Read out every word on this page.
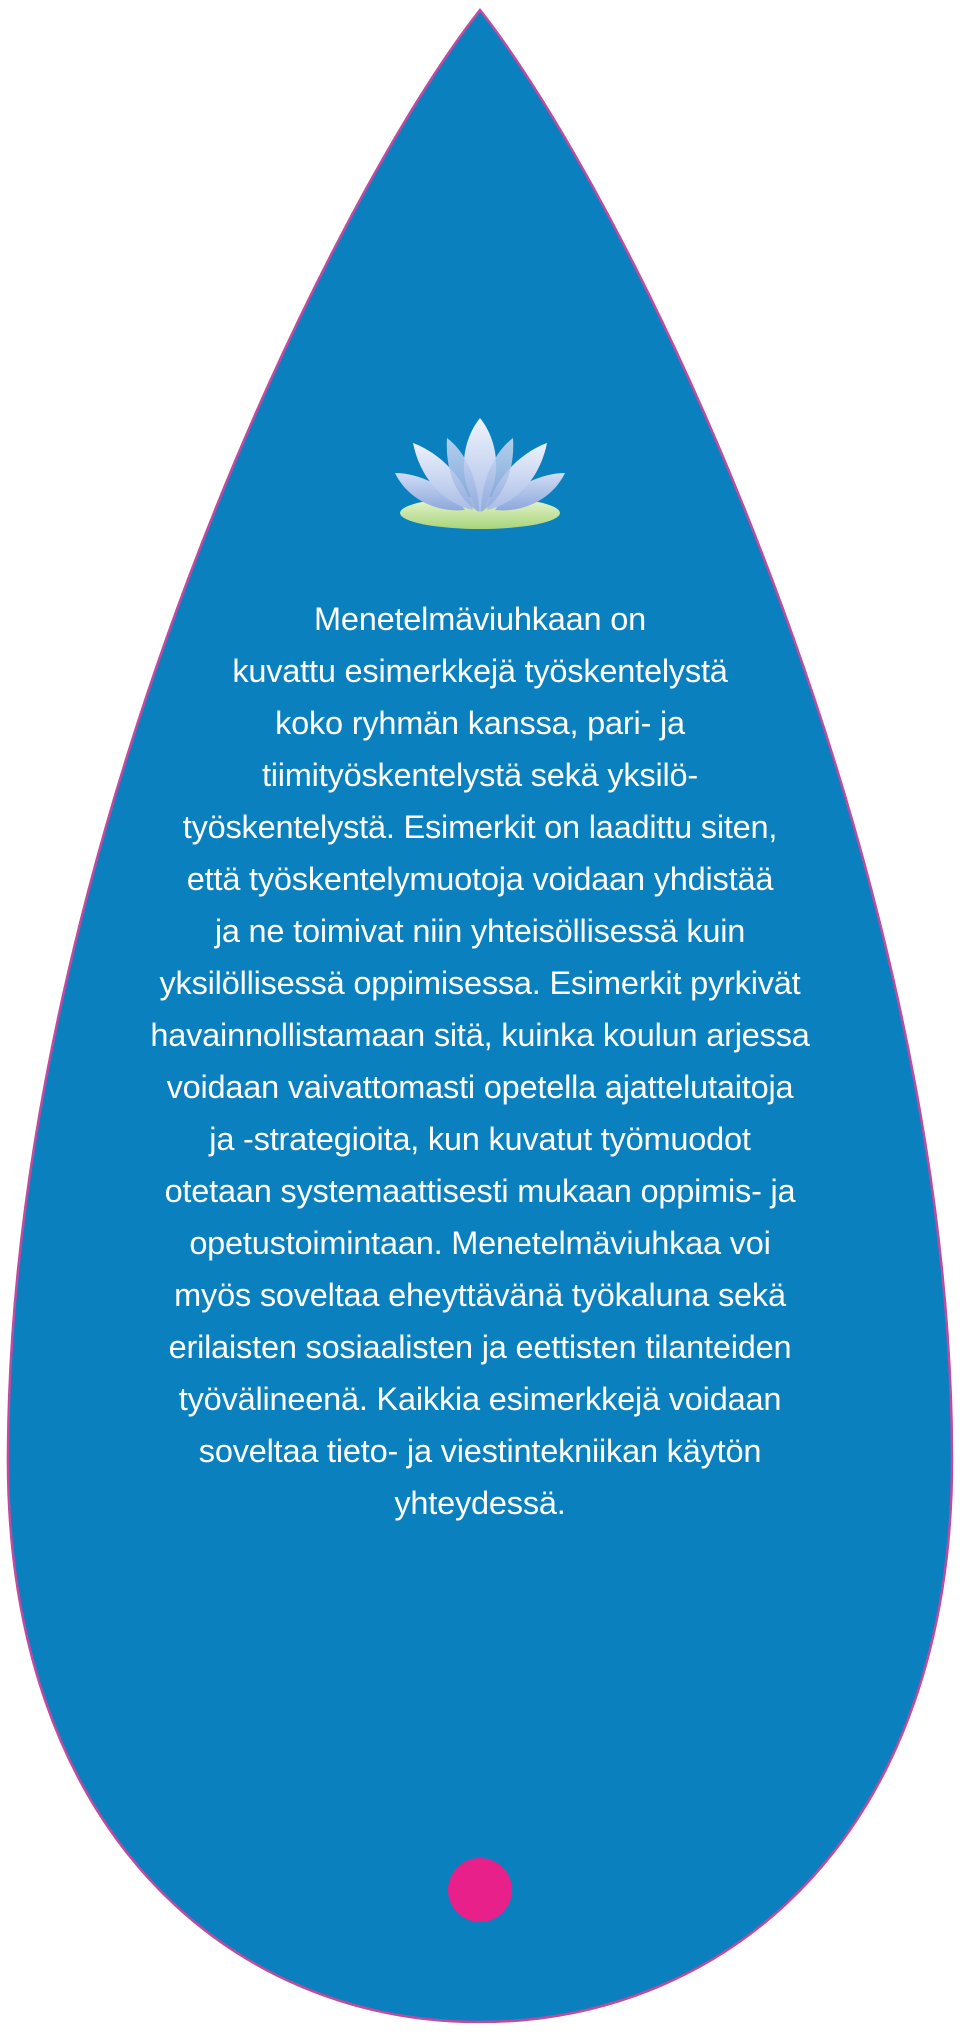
Menetelmäviuhkaan on
kuvattu esimerkkejä työskentelystä
koko ryhmän kanssa, pari- ja
tiimityöskentelystä sekä yksilö-
työskentelystä. Esimerkit on laadittu siten,
että työskentelymuotoja voidaan yhdistää
ja ne toimivat niin yhteisöllisessä kuin
yksilöllisessä oppimisessa. Esimerkit pyrkivät
havainnollistamaan sitä, kuinka koulun arjessa
voidaan vaivattomasti opetella ajattelutaitoja
ja -strategioita, kun kuvatut työmuodot
otetaan systemaattisesti mukaan oppimis- ja
opetustoimintaan. Menetelmäviuhkaa voi
myös soveltaa eheyttävänä työkaluna sekä
erilaisten sosiaalisten ja eettisten tilanteiden
työvälineenä. Kaikkia esimerkkejä voidaan
soveltaa tieto- ja viestintekniikan käytön
yhteydessä.
